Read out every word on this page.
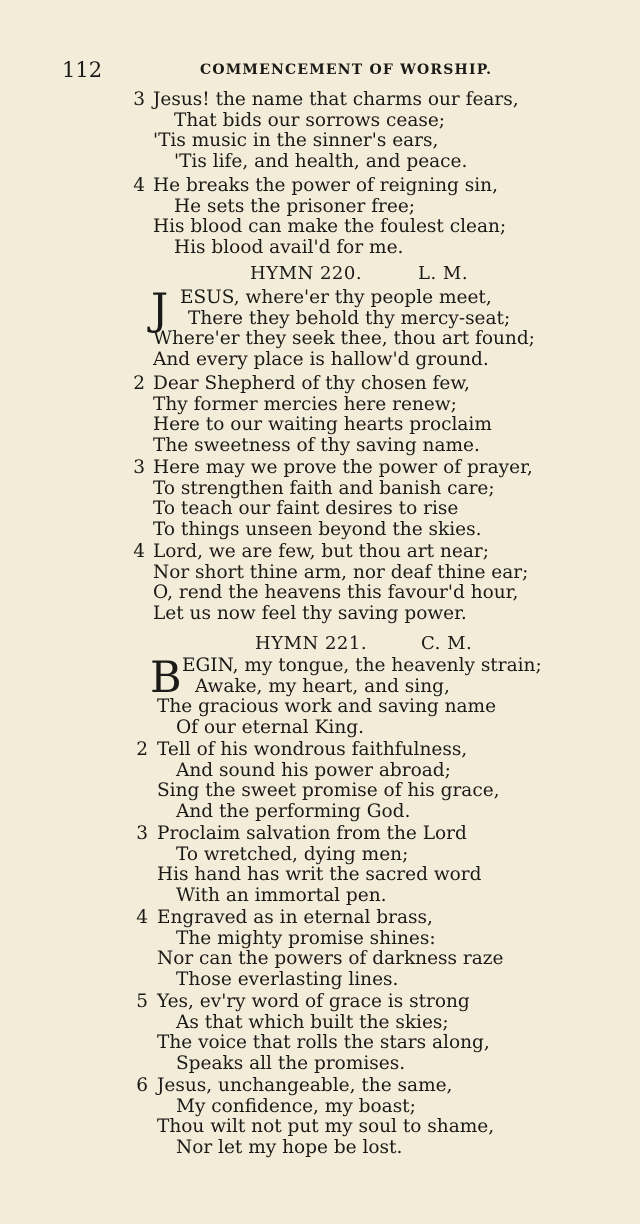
112	COMMENCEMENT OF WORSHIP.
3 Jesus! the name that charms our fears,
That bids our sorrows cease;
'Tis music in the sinner's ears,
'Tis life, and health, and peace.
4 He breaks the power of reigning sin,
He sets the prisoner free;
His blood can make the foulest clean;
His blood avail'd for me.
HYMN 220.	L. M.
J ESUS, where'er thy people meet,
There they behold thy mercy-seat;
Where'er they seek thee, thou art found;
And every place is hallow'd ground.
2 Dear Shepherd of thy chosen few,
Thy former mercies here renew;
Here to our waiting hearts proclaim
The sweetness of thy saving name.
3 Here may we prove the power of prayer,
To strengthen faith and banish care;
To teach our faint desires to rise
To things unseen beyond the skies.
4 Lord, we are few, but thou art near;
Nor short thine arm, nor deaf thine ear;
O, rend the heavens this favour'd hour,
Let us now feel thy saving power.
HYMN 221.	C. M.
B EGIN, my tongue, the heavenly strain;
Awake, my heart, and sing,
The gracious work and saving name
Of our eternal King.
2 Tell of his wondrous faithfulness,
And sound his power abroad;
Sing the sweet promise of his grace,
And the performing God.
3 Proclaim salvation from the Lord
To wretched, dying men;
His hand has writ the sacred word
With an immortal pen.
4 Engraved as in eternal brass,
The mighty promise shines:
Nor can the powers of darkness raze
Those everlasting lines.
5 Yes, ev'ry word of grace is strong
As that which built the skies;
The voice that rolls the stars along,
Speaks all the promises.
6 Jesus, unchangeable, the same,
My confidence, my boast;
Thou wilt not put my soul to shame,
Nor let my hope be lost.
